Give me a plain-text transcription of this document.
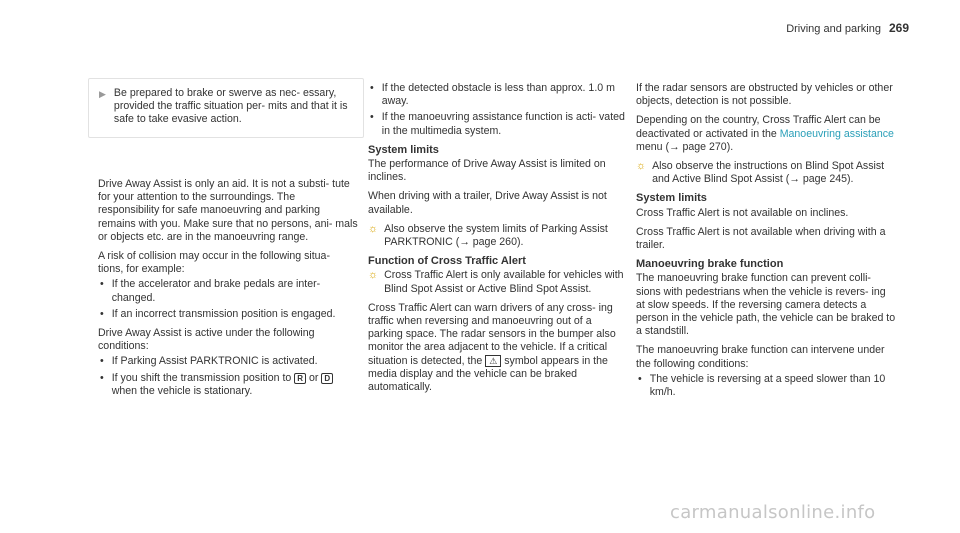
Driving and parking 269
▶ Be prepared to brake or swerve as nec- essary, provided the traffic situation per- mits and that it is safe to take evasive action.

Drive Away Assist is only an aid. It is not a substi- tute for your attention to the surroundings. The responsibility for safe manoeuvring and parking remains with you. Make sure that no persons, ani- mals or objects etc. are in the manoeuvring range.

A risk of collision may occur in the following situa- tions, for example:

• If the accelerator and brake pedals are inter- changed.
• If an incorrect transmission position is engaged.

Drive Away Assist is active under the following conditions:

• If Parking Assist PARKTRONIC is activated.
• If you shift the transmission position to R or D when the vehicle is stationary.
• If the detected obstacle is less than approx. 1.0 m away.
• If the manoeuvring assistance function is acti- vated in the multimedia system.
System limits

The performance of Drive Away Assist is limited on inclines.

When driving with a trailer, Drive Away Assist is not available.

☼ Also observe the system limits of Parking Assist PARKTRONIC (→ page 260).
Function of Cross Traffic Alert
☼ Cross Traffic Alert is only available for vehicles with Blind Spot Assist or Active Blind Spot Assist.

Cross Traffic Alert can warn drivers of any cross- ing traffic when reversing and manoeuvring out of a parking space. The radar sensors in the bumper also monitor the area adjacent to the vehicle. If a critical situation is detected, the ⚠ symbol appears in the media display and the vehicle can be braked automatically.

If the radar sensors are obstructed by vehicles or other objects, detection is not possible.

Depending on the country, Cross Traffic Alert can be deactivated or activated in the Manoeuvring assistance menu (→ page 270).

☼ Also observe the instructions on Blind Spot Assist and Active Blind Spot Assist (→ page 245).
System limits

Cross Traffic Alert is not available on inclines.

Cross Traffic Alert is not available when driving with a trailer.

Manoeuvring brake function

The manoeuvring brake function can prevent colli- sions with pedestrians when the vehicle is revers- ing at slow speeds. If the reversing camera detects a person in the vehicle path, the vehicle can be braked to a standstill.

The manoeuvring brake function can intervene under the following conditions:

• The vehicle is reversing at a speed slower than 10 km/h.
carmanualsonline.info
